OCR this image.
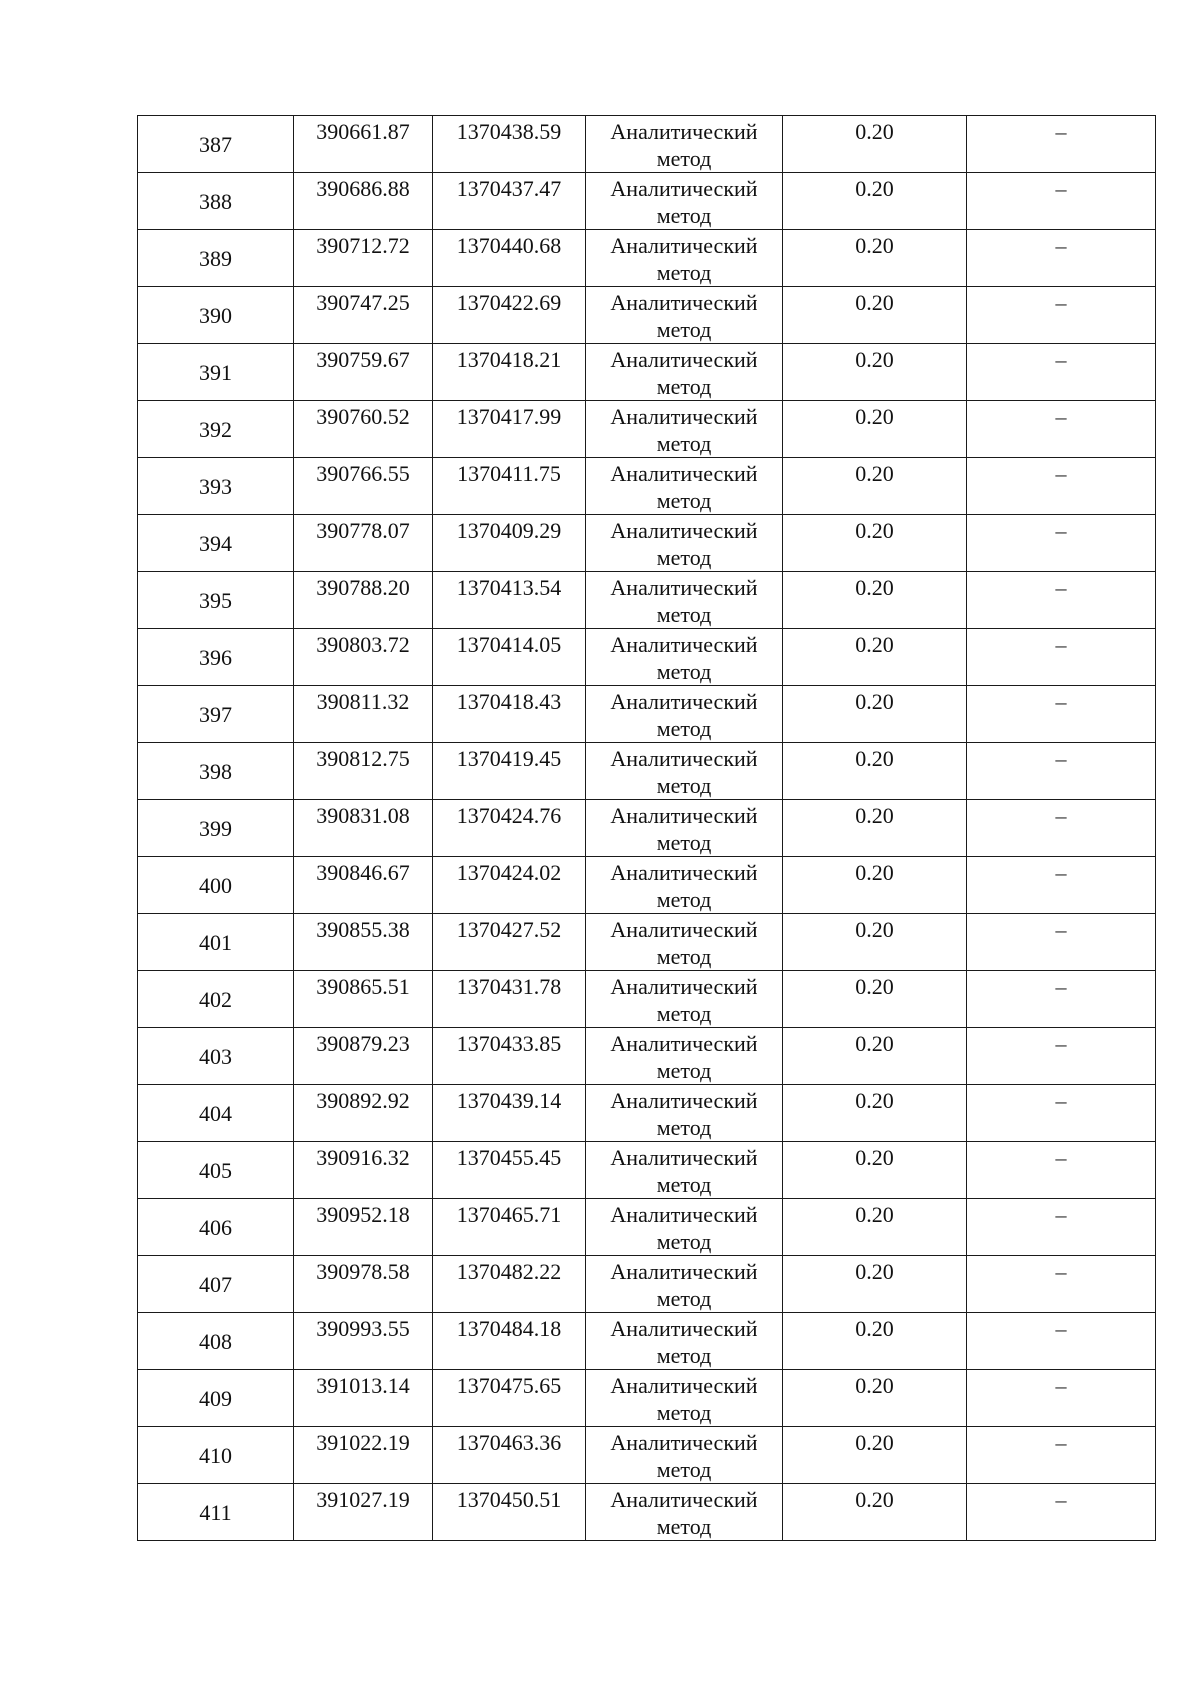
387	390661.87	1370438.59	Аналитический метод	0.20	–
388	390686.88	1370437.47	Аналитический метод	0.20	–
389	390712.72	1370440.68	Аналитический метод	0.20	–
390	390747.25	1370422.69	Аналитический метод	0.20	–
391	390759.67	1370418.21	Аналитический метод	0.20	–
392	390760.52	1370417.99	Аналитический метод	0.20	–
393	390766.55	1370411.75	Аналитический метод	0.20	–
394	390778.07	1370409.29	Аналитический метод	0.20	–
395	390788.20	1370413.54	Аналитический метод	0.20	–
396	390803.72	1370414.05	Аналитический метод	0.20	–
397	390811.32	1370418.43	Аналитический метод	0.20	–
398	390812.75	1370419.45	Аналитический метод	0.20	–
399	390831.08	1370424.76	Аналитический метод	0.20	–
400	390846.67	1370424.02	Аналитический метод	0.20	–
401	390855.38	1370427.52	Аналитический метод	0.20	–
402	390865.51	1370431.78	Аналитический метод	0.20	–
403	390879.23	1370433.85	Аналитический метод	0.20	–
404	390892.92	1370439.14	Аналитический метод	0.20	–
405	390916.32	1370455.45	Аналитический метод	0.20	–
406	390952.18	1370465.71	Аналитический метод	0.20	–
407	390978.58	1370482.22	Аналитический метод	0.20	–
408	390993.55	1370484.18	Аналитический метод	0.20	–
409	391013.14	1370475.65	Аналитический метод	0.20	–
410	391022.19	1370463.36	Аналитический метод	0.20	–
411	391027.19	1370450.51	Аналитический метод	0.20	–
